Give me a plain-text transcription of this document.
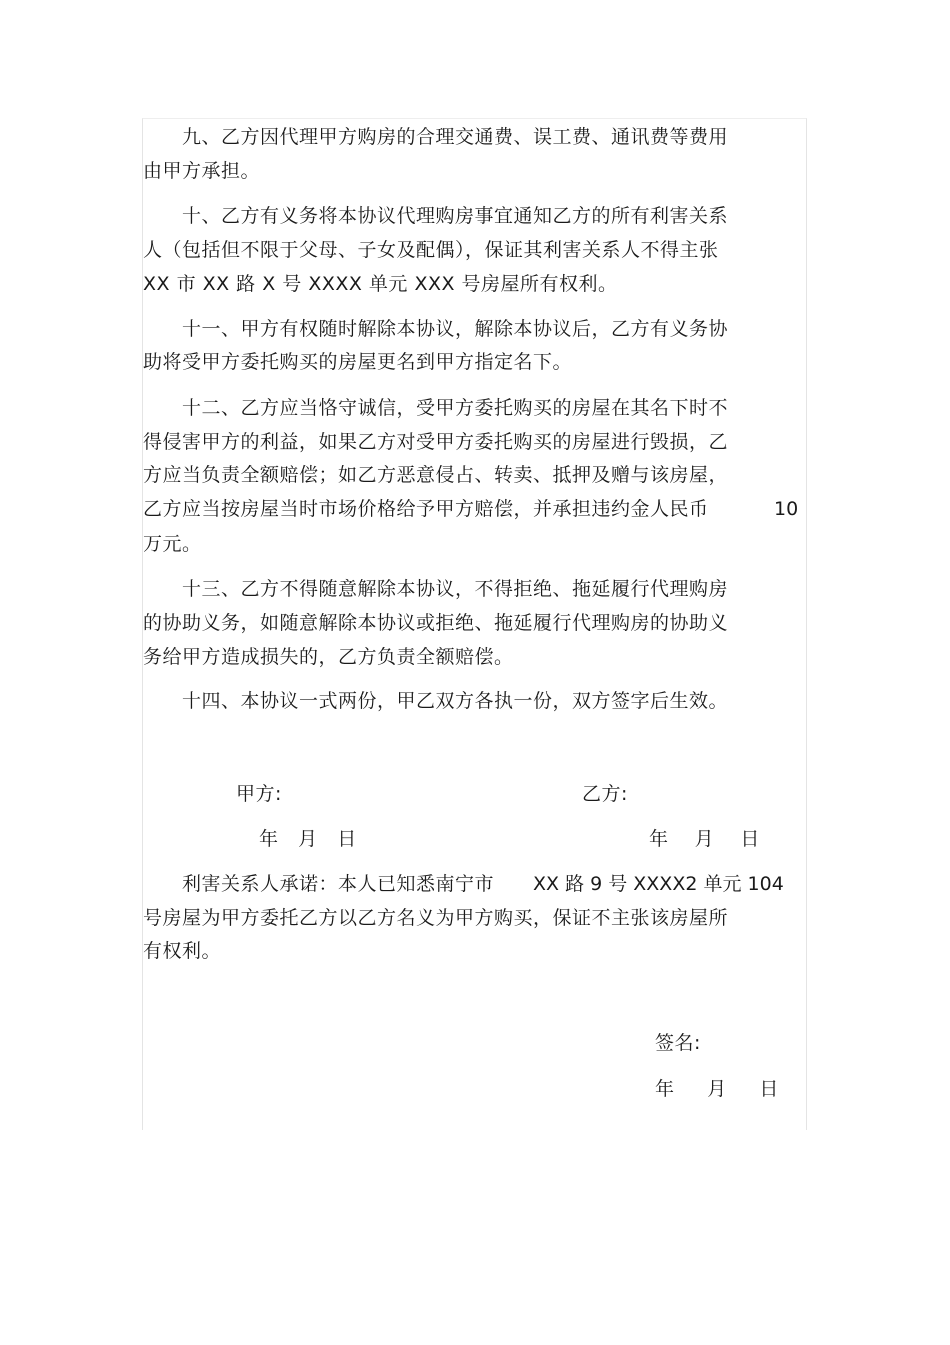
九、乙方因代理甲方购房的合理交通费、误工费、通讯费等费用
由甲方承担。
十、乙方有义务将本协议代理购房事宜通知乙方的所有利害关系
人（包括但不限于父母、子女及配偶），保证其利害关系人不得主张
XX 市 XX 路 X 号 XXXX 单元 XXX 号房屋所有权利。
十一、甲方有权随时解除本协议，解除本协议后，乙方有义务协
助将受甲方委托购买的房屋更名到甲方指定名下。
十二、乙方应当恪守诚信，受甲方委托购买的房屋在其名下时不
得侵害甲方的利益，如果乙方对受甲方委托购买的房屋进行毁损，乙
方应当负责全额赔偿；如乙方恶意侵占、转卖、抵押及赠与该房屋，
乙方应当按房屋当时市场价格给予甲方赔偿，并承担违约金人民币	10
万元。
十三、乙方不得随意解除本协议，不得拒绝、拖延履行代理购房
的协助义务，如随意解除本协议或拒绝、拖延履行代理购房的协助义
务给甲方造成损失的，乙方负责全额赔偿。
十四、本协议一式两份，甲乙双方各执一份，双方签字后生效。
甲方:	乙方:
年   月   日	年    月    日
利害关系人承诺：本人已知悉南宁市 XX 路 9 号 XXXX2 单元 104
号房屋为甲方委托乙方以乙方名义为甲方购买，保证不主张该房屋所
有权利。
签名:
年     月     日
